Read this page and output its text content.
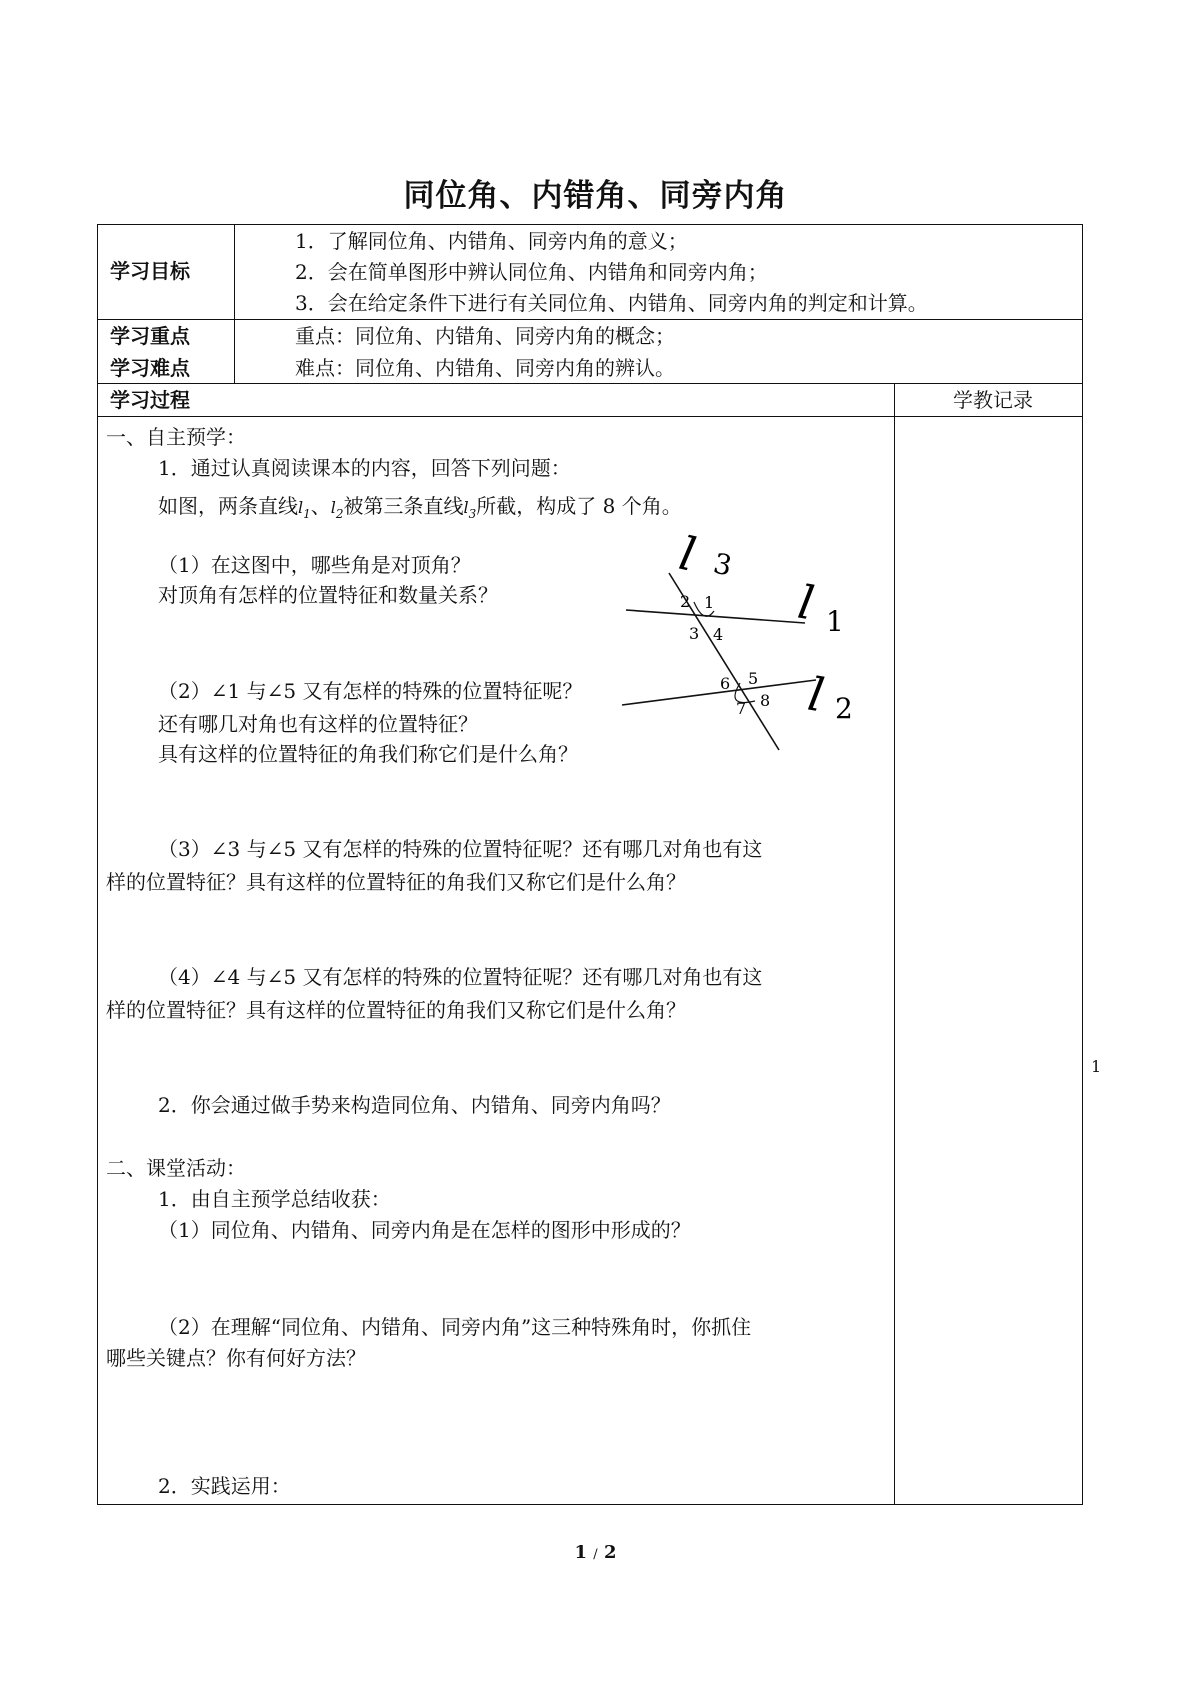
同位角、内错角、同旁内角
学习目标
1．了解同位角、内错角、同旁内角的意义；
2．会在简单图形中辨认同位角、内错角和同旁内角；
3．会在给定条件下进行有关同位角、内错角、同旁内角的判定和计算。
学习重点
学习难点
重点：同位角、内错角、同旁内角的概念；
难点：同位角、内错角、同旁内角的辨认。
学习过程	学教记录
一、自主预学：
1．通过认真阅读课本的内容，回答下列问题：
如图，两条直线$l_1$、$l_2$被第三条直线$l_3$所截，构成了 8 个角。
（1）在这图中，哪些角是对顶角？
对顶角有怎样的位置特征和数量关系？
（2）∠1 与∠5 又有怎样的特殊的位置特征呢？
还有哪几对角也有这样的位置特征？
具有这样的位置特征的角我们称它们是什么角？
（3）∠3 与∠5 又有怎样的特殊的位置特征呢？还有哪几对角也有这
样的位置特征？具有这样的位置特征的角我们又称它们是什么角？
（4）∠4 与∠5 又有怎样的特殊的位置特征呢？还有哪几对角也有这
样的位置特征？具有这样的位置特征的角我们又称它们是什么角？
2．你会通过做手势来构造同位角、内错角、同旁内角吗？
二、课堂活动：
1．由自主预学总结收获：
（1）同位角、内错角、同旁内角是在怎样的图形中形成的？
（2）在理解“同位角、内错角、同旁内角”这三种特殊角时，你抓住
哪些关键点？你有何好方法？
2．实践运用：
l 3
l 1
l 2
1
2
3 4
5
6
7 8
1
1 / 2
